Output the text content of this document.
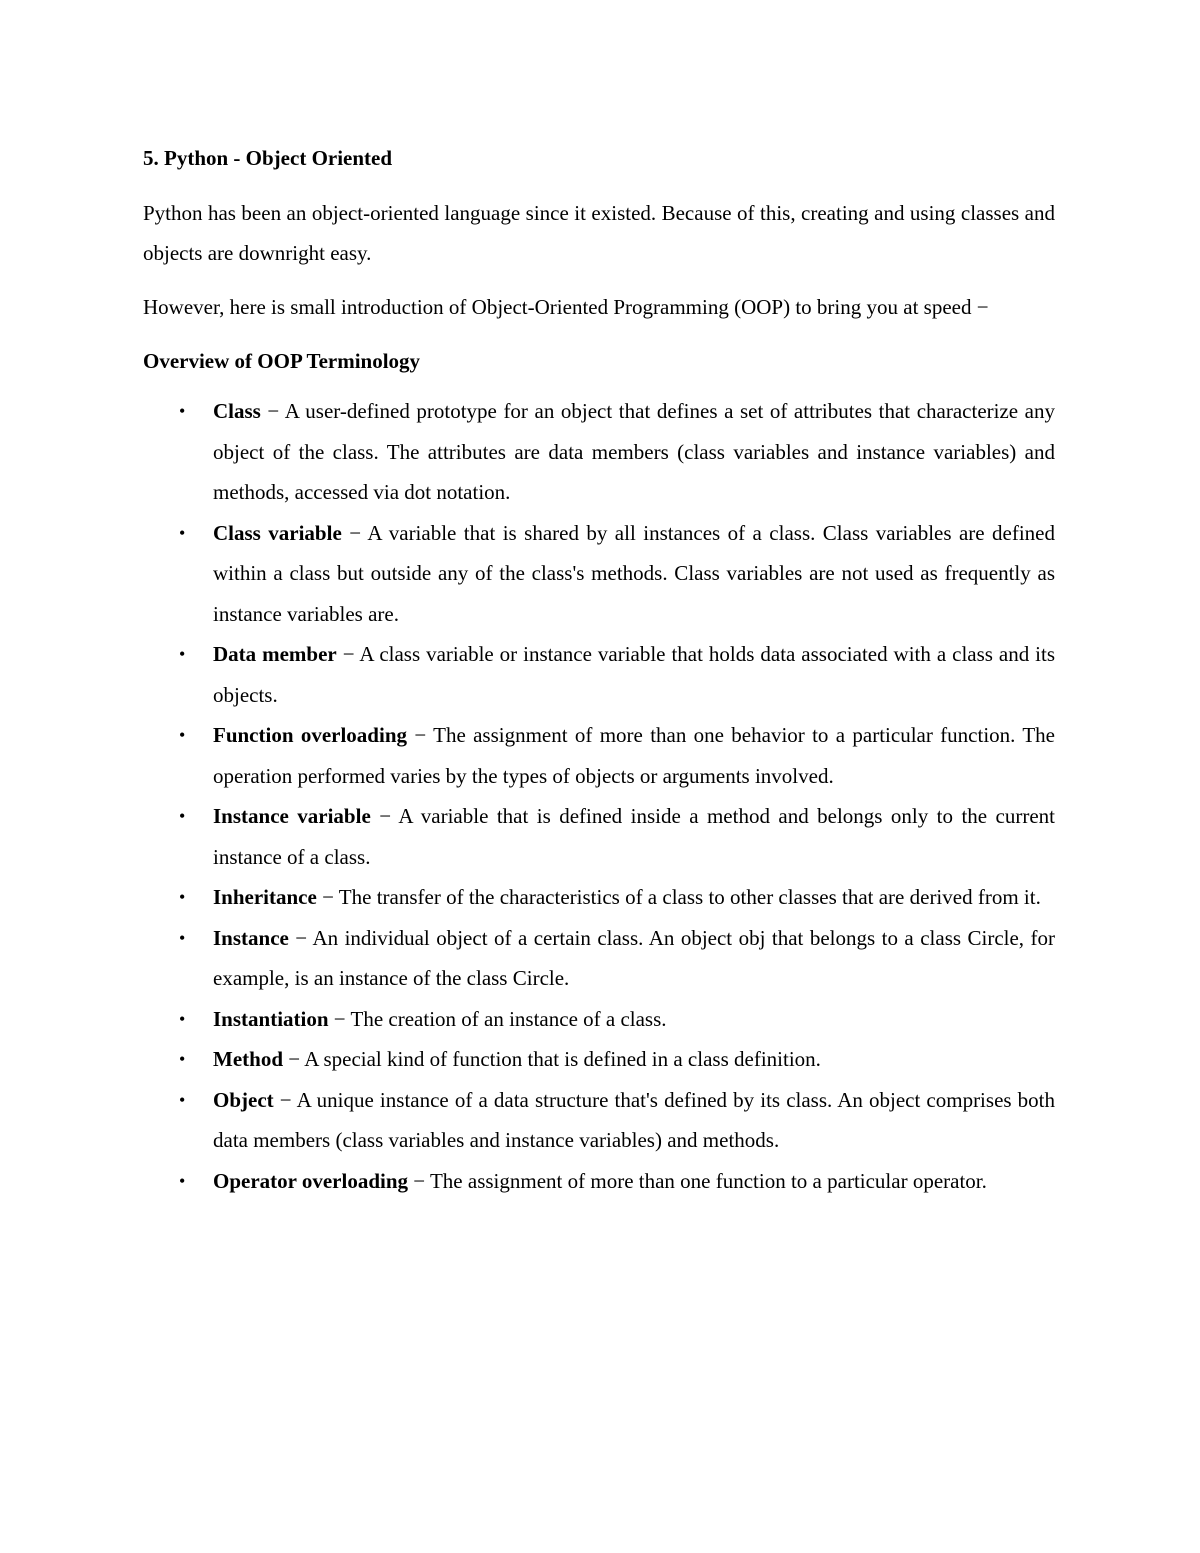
5. Python - Object Oriented

Python has been an object-oriented language since it existed. Because of this, creating and using classes and objects are downright easy.

However, here is small introduction of Object-Oriented Programming (OOP) to bring you at speed −

Overview of OOP Terminology
• Class − A user-defined prototype for an object that defines a set of attributes that characterize any object of the class. The attributes are data members (class variables and instance variables) and methods, accessed via dot notation.
• Class variable − A variable that is shared by all instances of a class. Class variables are defined within a class but outside any of the class's methods. Class variables are not used as frequently as instance variables are.
• Data member − A class variable or instance variable that holds data associated with a class and its objects.
• Function overloading − The assignment of more than one behavior to a particular function. The operation performed varies by the types of objects or arguments involved.
• Instance variable − A variable that is defined inside a method and belongs only to the current instance of a class.
• Inheritance − The transfer of the characteristics of a class to other classes that are derived from it.
• Instance − An individual object of a certain class. An object obj that belongs to a class Circle, for example, is an instance of the class Circle.
• Instantiation − The creation of an instance of a class.
• Method − A special kind of function that is defined in a class definition.
• Object − A unique instance of a data structure that's defined by its class. An object comprises both data members (class variables and instance variables) and methods.
• Operator overloading − The assignment of more than one function to a particular operator.
